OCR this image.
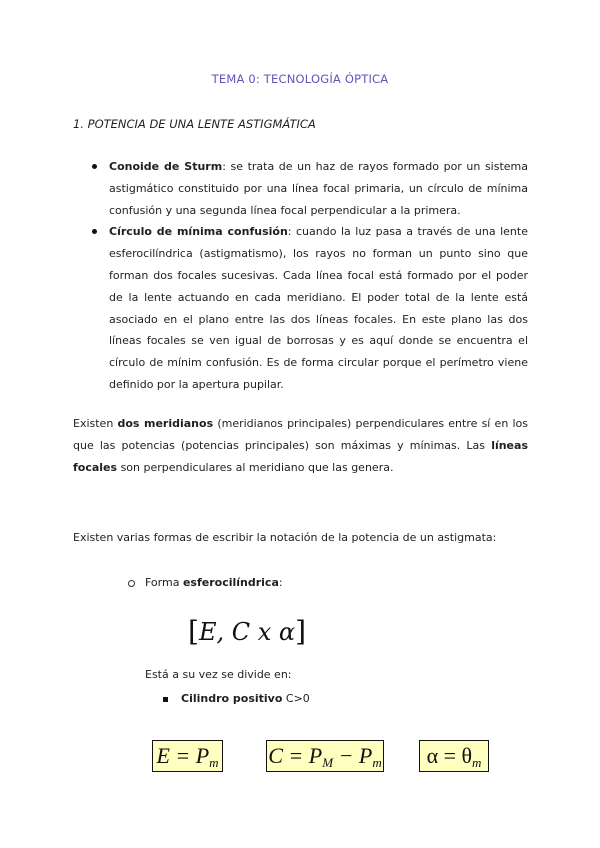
TEMA 0: TECNOLOGÍA ÓPTICA
1. POTENCIA DE UNA LENTE ASTIGMÁTICA
Conoide de Sturm: se trata de un haz de rayos formado por un sistema astigmático constituido por una línea focal primaria, un círculo de mínima confusión y una segunda línea focal perpendicular a la primera.
Círculo de mínima confusión: cuando la luz pasa a través de una lente esferocilíndrica (astigmatismo), los rayos no forman un punto sino que forman dos focales sucesivas. Cada línea focal está formado por el poder de la lente actuando en cada meridiano. El poder total de la lente está asociado en el plano entre las dos líneas focales. En este plano las dos líneas focales se ven igual de borrosas y es aquí donde se encuentra el círculo de mínim confusión. Es de forma circular porque el perímetro viene definido por la apertura pupilar.
Existen dos meridianos (meridianos principales) perpendiculares entre sí en los que las potencias (potencias principales) son máximas y mínimas. Las líneas focales son perpendiculares al meridiano que las genera.
Existen varias formas de escribir la notación de la potencia de un astigmata:
Forma esferocilíndrica:
[E, C x α]
Está a su vez se divide en:
Cilindro positivo C>0
$E = P_m$ $C = P_M - P_m$	$\alpha = \theta_m$
